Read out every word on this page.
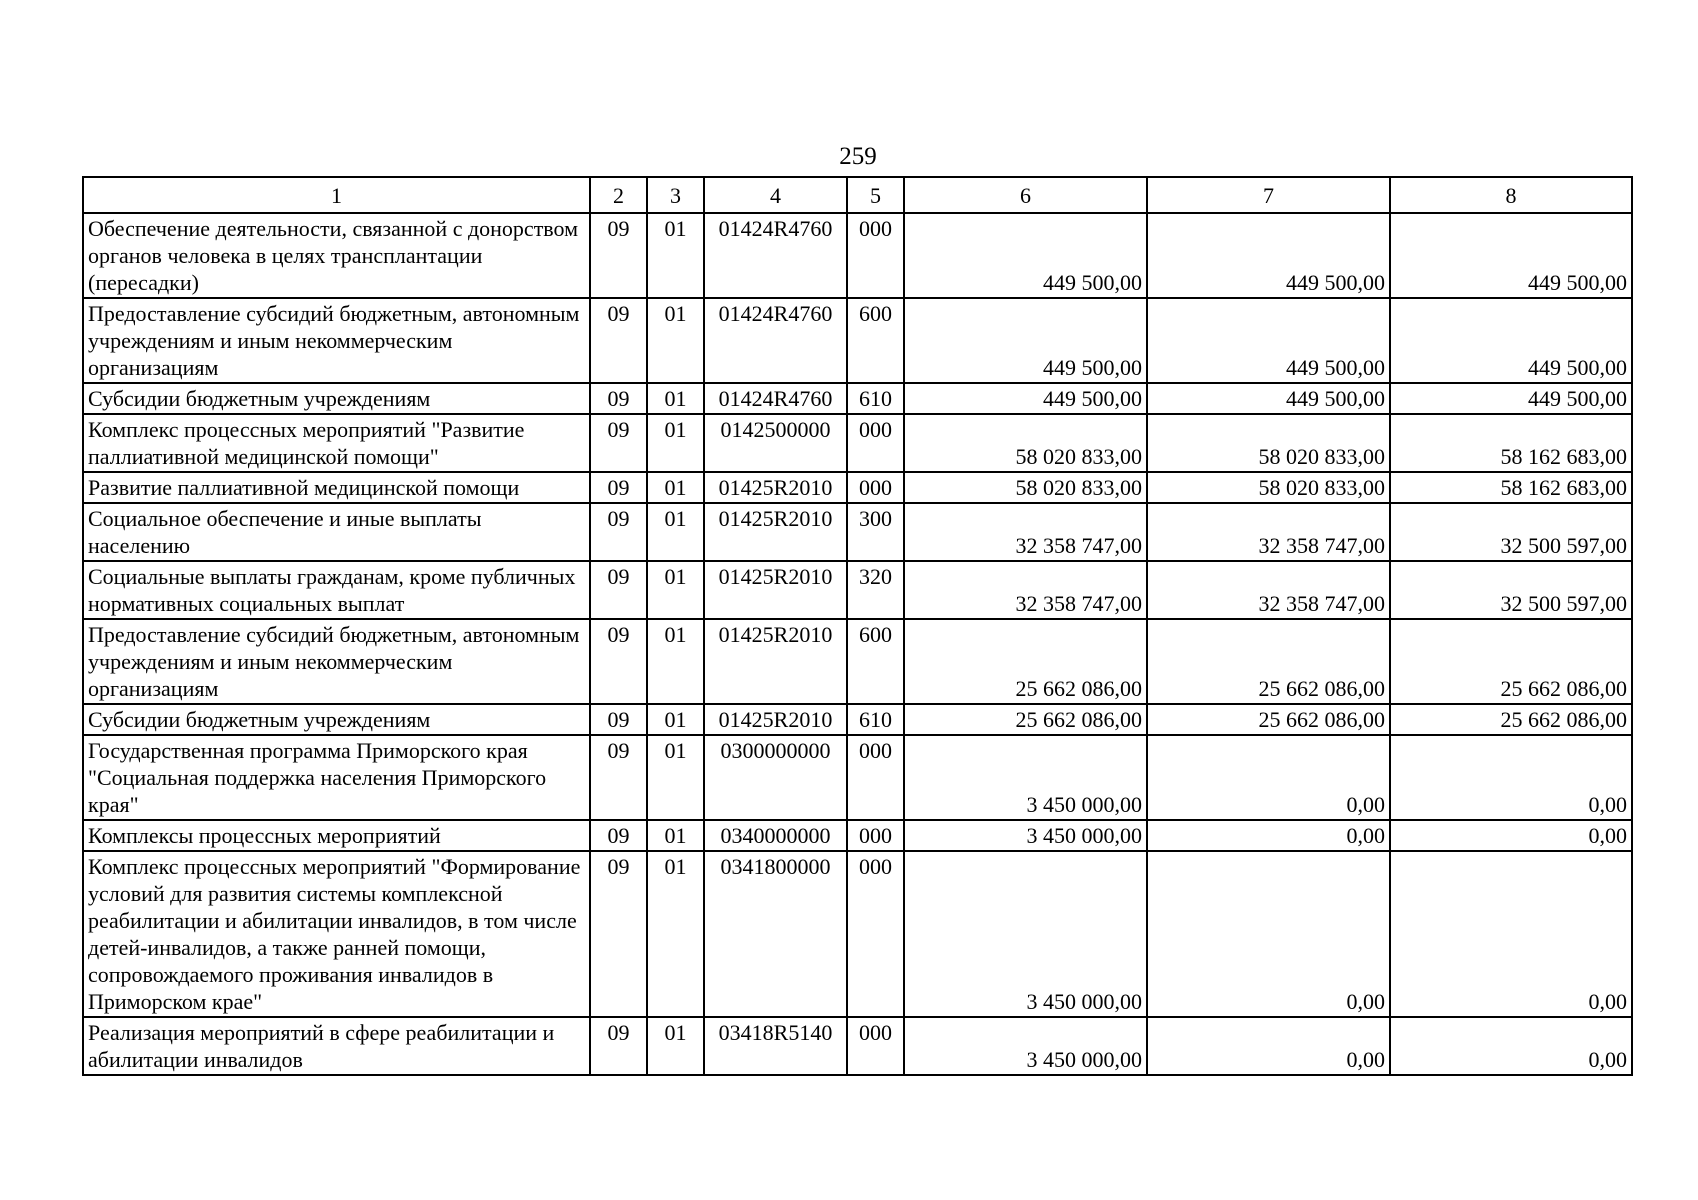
259
1	2	3	4	5	6	7	8
Обеспечение деятельности, связанной с донорством органов человека в целях трансплантации (пересадки)	09	01	01424R4760	000	449 500,00	449 500,00	449 500,00
Предоставление субсидий бюджетным, автономным учреждениям и иным некоммерческим организациям	09	01	01424R4760	600	449 500,00	449 500,00	449 500,00
Субсидии бюджетным учреждениям	09	01	01424R4760	610	449 500,00	449 500,00	449 500,00
Комплекс процессных мероприятий "Развитие паллиативной медицинской помощи"	09	01	0142500000	000	58 020 833,00	58 020 833,00	58 162 683,00
Развитие паллиативной медицинской помощи	09	01	01425R2010	000	58 020 833,00	58 020 833,00	58 162 683,00
Социальное обеспечение и иные выплаты населению	09	01	01425R2010	300	32 358 747,00	32 358 747,00	32 500 597,00
Социальные выплаты гражданам, кроме публичных нормативных социальных выплат	09	01	01425R2010	320	32 358 747,00	32 358 747,00	32 500 597,00
Предоставление субсидий бюджетным, автономным учреждениям и иным некоммерческим организациям	09	01	01425R2010	600	25 662 086,00	25 662 086,00	25 662 086,00
Субсидии бюджетным учреждениям	09	01	01425R2010	610	25 662 086,00	25 662 086,00	25 662 086,00
Государственная программа Приморского края "Социальная поддержка населения Приморского края"	09	01	0300000000	000	3 450 000,00	0,00	0,00
Комплексы процессных мероприятий	09	01	0340000000	000	3 450 000,00	0,00	0,00
Комплекс процессных мероприятий "Формирование условий для развития системы комплексной реабилитации и абилитации инвалидов, в том числе детей-инвалидов, а также ранней помощи, сопровождаемого проживания инвалидов в Приморском крае"	09	01	0341800000	000	3 450 000,00	0,00	0,00
Реализация мероприятий в сфере реабилитации и абилитации инвалидов	09	01	03418R5140	000	3 450 000,00	0,00	0,00
